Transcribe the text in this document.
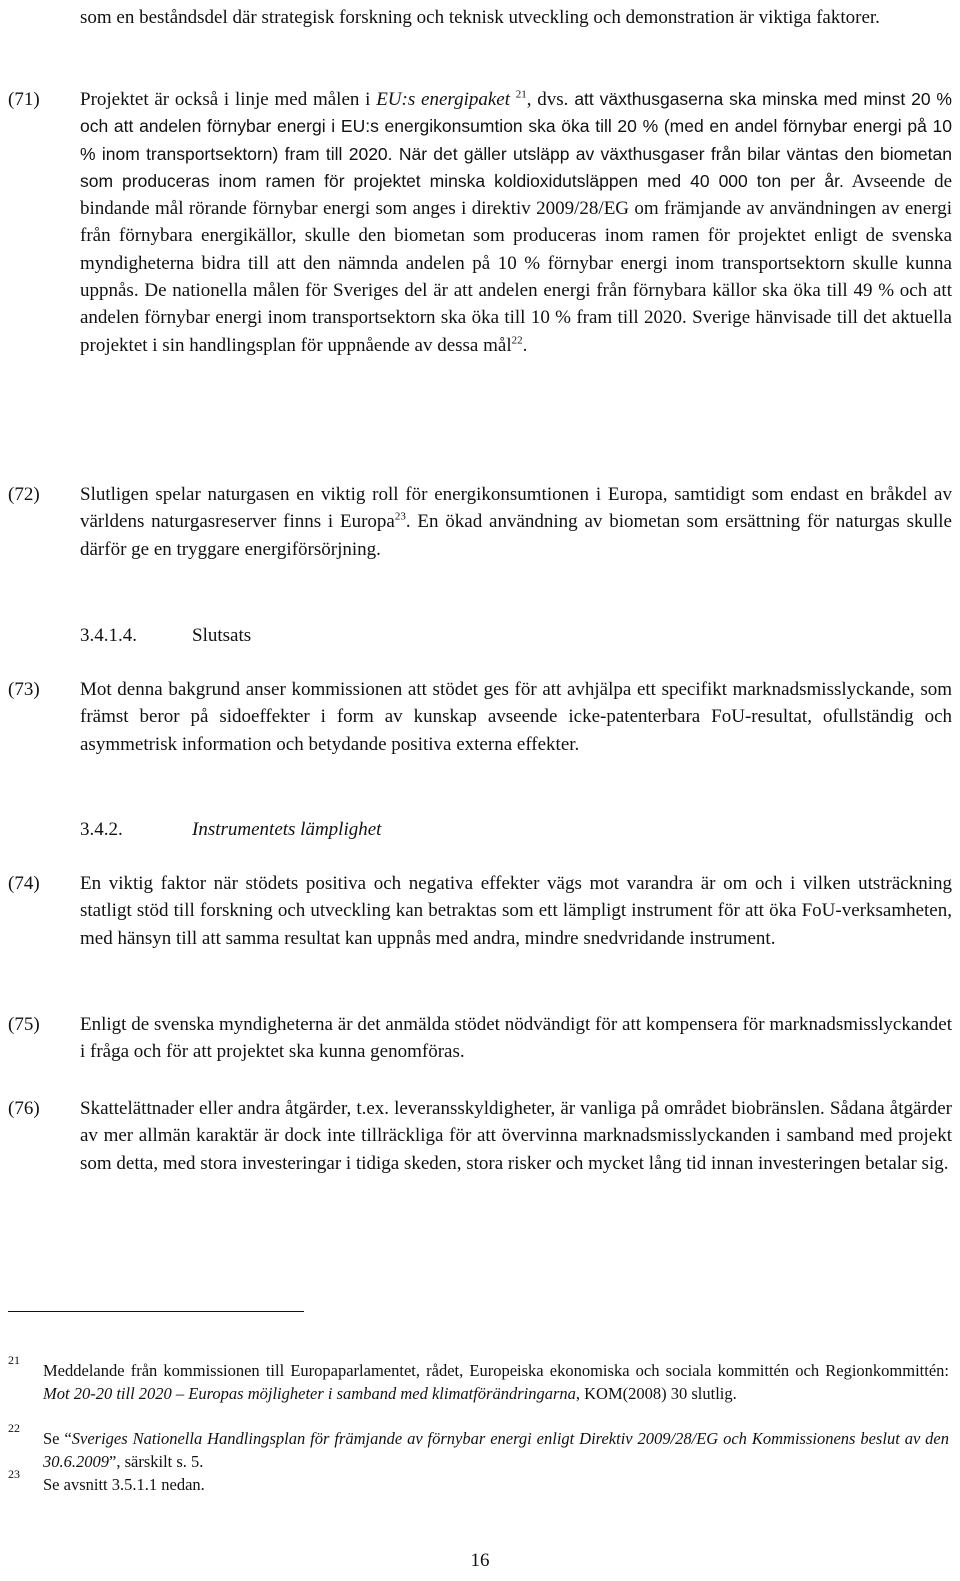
som en beståndsdel där strategisk forskning och teknisk utveckling och demonstration är viktiga faktorer.

(71) Projektet är också i linje med målen i EU:s energipaket $^{21}$, dvs. att växthusgaserna ska minska med minst 20 % och att andelen förnybar energi i EU:s energikonsumtion ska öka till 20 % (med en andel förnybar energi på 10 % inom transportsektorn) fram till 2020. När det gäller utsläpp av växthusgaser från bilar väntas den biometan som produceras inom ramen för projektet minska koldioxidutsläppen med 40 000 ton per år. Avseende de bindande mål rörande förnybar energi som anges i direktiv 2009/28/EG om främjande av användningen av energi från förnybara energikällor, skulle den biometan som produceras inom ramen för projektet enligt de svenska myndigheterna bidra till att den nämnda andelen på 10 % förnybar energi inom transportsektorn skulle kunna uppnås. De nationella målen för Sveriges del är att andelen energi från förnybara källor ska öka till 49 % och att andelen förnybar energi inom transportsektorn ska öka till 10 % fram till 2020. Sverige hänvisade till det aktuella projektet i sin handlingsplan för uppnående av dessa mål$^{22}$.

(72) Slutligen spelar naturgasen en viktig roll för energikonsumtionen i Europa, samtidigt som endast en bråkdel av världens naturgasreserver finns i Europa$^{23}$. En ökad användning av biometan som ersättning för naturgas skulle därför ge en tryggare energiförsörjning.

3.4.1.4.	Slutsats
(73) Mot denna bakgrund anser kommissionen att stödet ges för att avhjälpa ett specifikt marknadsmisslyckande, som främst beror på sidoeffekter i form av kunskap avseende icke-patenterbara FoU-resultat, ofullständig och asymmetrisk information och betydande positiva externa effekter.

3.4.2.	Instrumentets lämplighet
(74) En viktig faktor när stödets positiva och negativa effekter vägs mot varandra är om och i vilken utsträckning statligt stöd till forskning och utveckling kan betraktas som ett lämpligt instrument för att öka FoU-verksamheten, med hänsyn till att samma resultat kan uppnås med andra, mindre snedvridande instrument.

(75) Enligt de svenska myndigheterna är det anmälda stödet nödvändigt för att kompensera för marknadsmisslyckandet i fråga och för att projektet ska kunna genomföras.

(76) Skattelättnader eller andra åtgärder, t.ex. leveransskyldigheter, är vanliga på området biobränslen. Sådana åtgärder av mer allmän karaktär är dock inte tillräckliga för att övervinna marknadsmisslyckanden i samband med projekt som detta, med stora investeringar i tidiga skeden, stora risker och mycket lång tid innan investeringen betalar sig.

21

Meddelande från kommissionen till Europaparlamentet, rådet, Europeiska ekonomiska och sociala kommittén och Regionkommittén: Mot 20-20 till 2020 – Europas möjligheter i samband med klimatförändringarna, KOM(2008) 30 slutlig.

22

Se “Sveriges Nationella Handlingsplan för främjande av förnybar energi enligt Direktiv 2009/28/EG och Kommissionens beslut av den 30.6.2009”, särskilt s. 5.

23

Se avsnitt 3.5.1.1 nedan.

16
